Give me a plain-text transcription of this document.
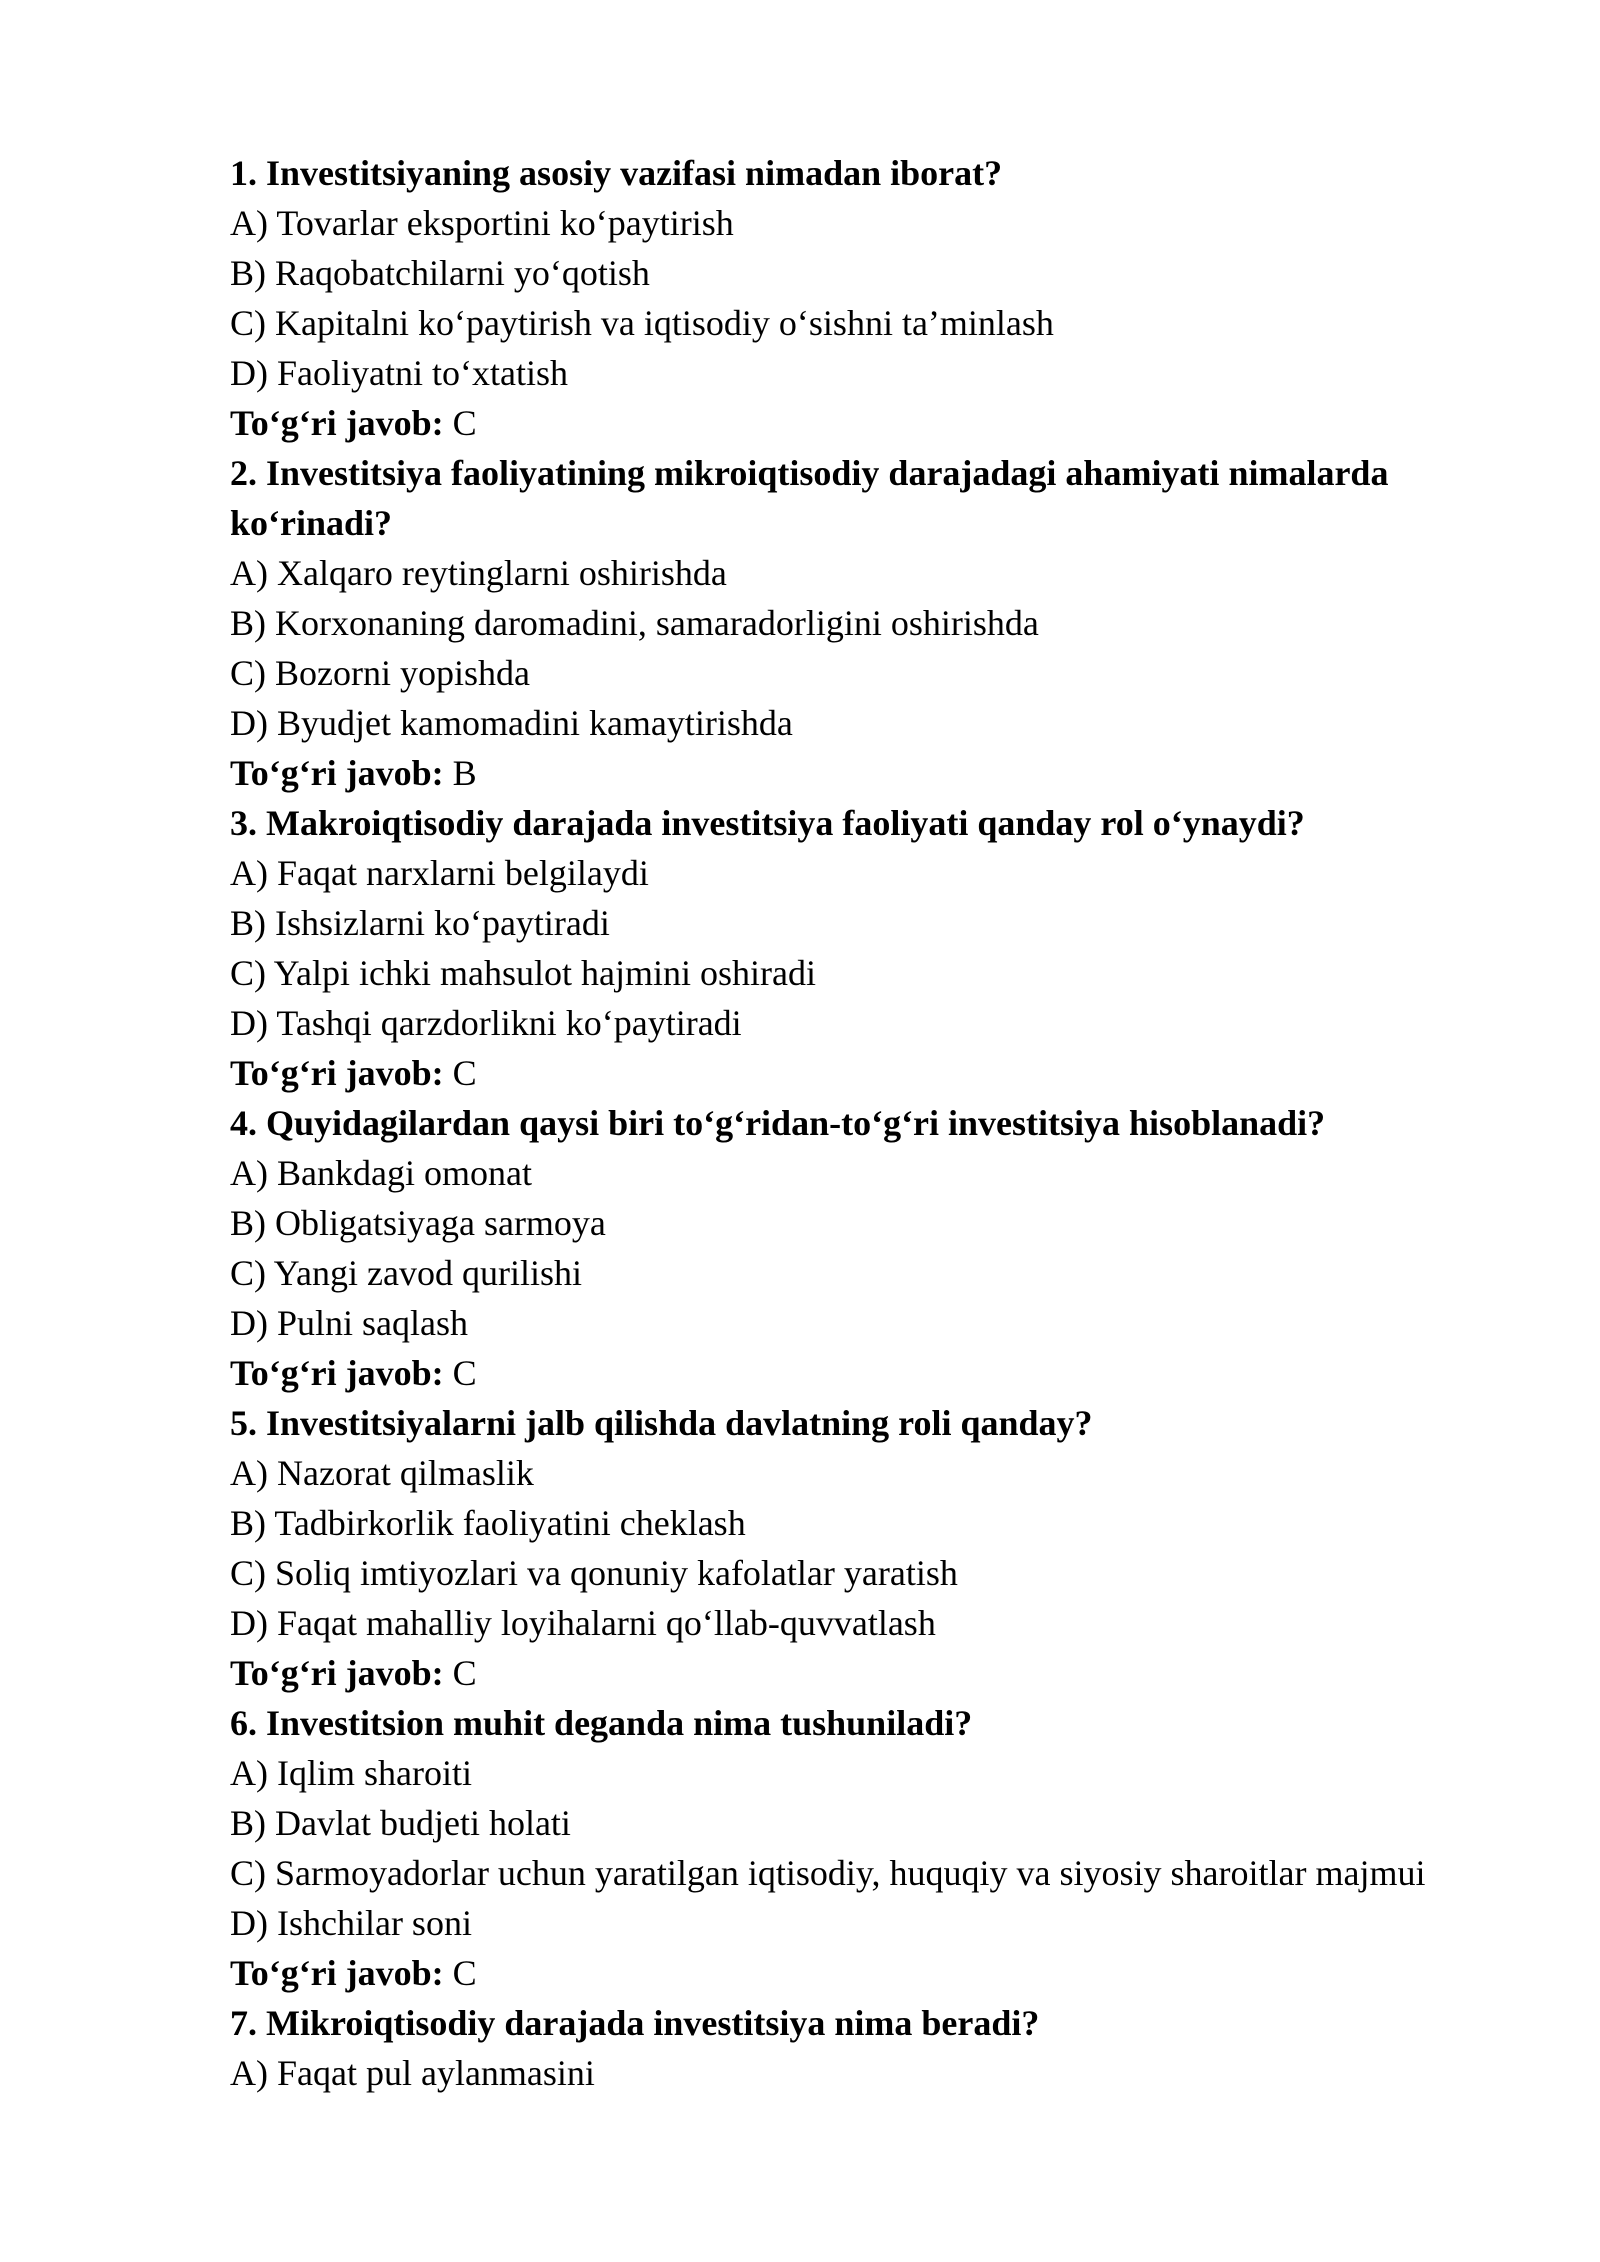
1. Investitsiyaning asosiy vazifasi nimadan iborat?
A) Tovarlar eksportini ko‘paytirish
B) Raqobatchilarni yo‘qotish
C) Kapitalni ko‘paytirish va iqtisodiy o‘sishni ta’minlash
D) Faoliyatni to‘xtatish
To‘g‘ri javob: C
2. Investitsiya faoliyatining mikroiqtisodiy darajadagi ahamiyati nimalarda
ko‘rinadi?
A) Xalqaro reytinglarni oshirishda
B) Korxonaning daromadini, samaradorligini oshirishda
C) Bozorni yopishda
D) Byudjet kamomadini kamaytirishda
To‘g‘ri javob: B
3. Makroiqtisodiy darajada investitsiya faoliyati qanday rol o‘ynaydi?
A) Faqat narxlarni belgilaydi
B) Ishsizlarni ko‘paytiradi
C) Yalpi ichki mahsulot hajmini oshiradi
D) Tashqi qarzdorlikni ko‘paytiradi
To‘g‘ri javob: C
4. Quyidagilardan qaysi biri to‘g‘ridan-to‘g‘ri investitsiya hisoblanadi?
A) Bankdagi omonat
B) Obligatsiyaga sarmoya
C) Yangi zavod qurilishi
D) Pulni saqlash
To‘g‘ri javob: C
5. Investitsiyalarni jalb qilishda davlatning roli qanday?
A) Nazorat qilmaslik
B) Tadbirkorlik faoliyatini cheklash
C) Soliq imtiyozlari va qonuniy kafolatlar yaratish
D) Faqat mahalliy loyihalarni qo‘llab-quvvatlash
To‘g‘ri javob: C
6. Investitsion muhit deganda nima tushuniladi?
A) Iqlim sharoiti
B) Davlat budjeti holati
C) Sarmoyadorlar uchun yaratilgan iqtisodiy, huquqiy va siyosiy sharoitlar majmui
D) Ishchilar soni
To‘g‘ri javob: C
7. Mikroiqtisodiy darajada investitsiya nima beradi?
A) Faqat pul aylanmasini
